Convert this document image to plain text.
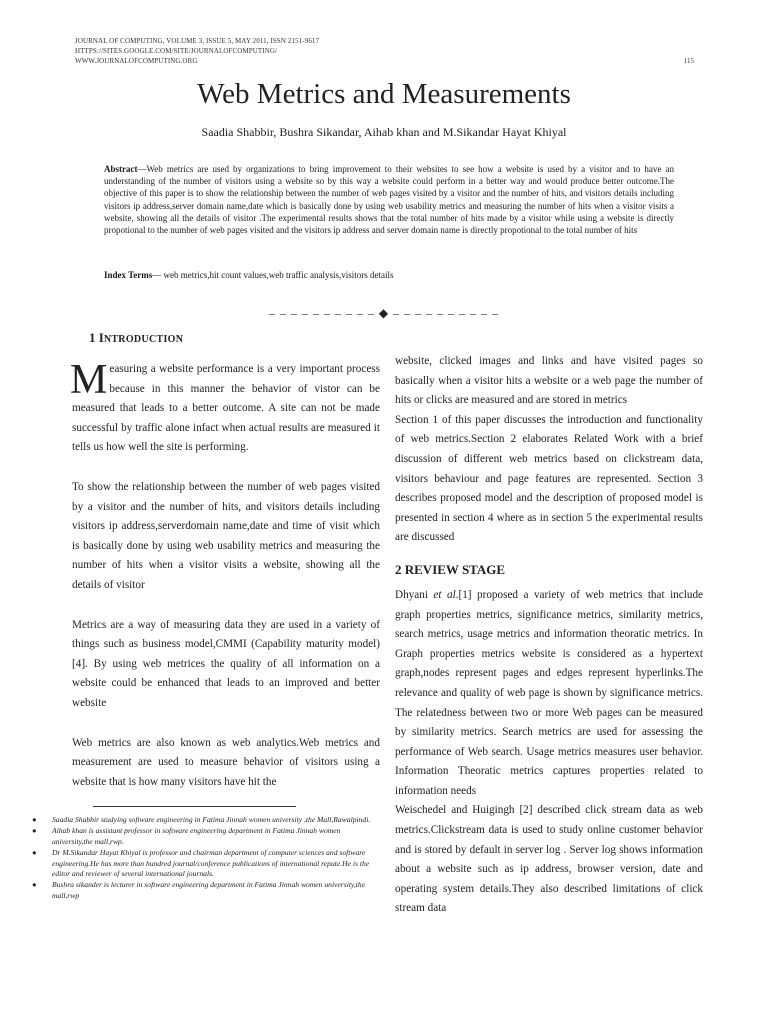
JOURNAL OF COMPUTING, VOLUME 3, ISSUE 5, MAY 2011, ISSN 2151-9617
HTTPS://SITES.GOOGLE.COM/SITE/JOURNALOFCOMPUTING/
WWW.JOURNALOFCOMPUTING.ORG	115
Web Metrics and Measurements
Saadia Shabbir, Bushra Sikandar, Aihab khan and M.Sikandar Hayat Khiyal
Abstract—Web metrics are used by organizations to bring improvement to their websites to see how a website is used by a visitor and to have an understanding of the number of visitors using a website so by this way a website could perform in a better way and would produce better outcome.The objective of this paper is to show the relationship between the number of web pages visited by a visitor and the number of hits, and visitors details including visitors ip address,server domain name,date which is basically done by using web usability metrics and measuring the number of hits when a visitor visits a website, showing all the details of visitor .The experimental results shows that the total number of hits made by a visitor while using a website is directly propotional to the number of web pages visited and the visitors ip address and server domain name is directly propotional to the total number of hits
Index Terms— web metrics,hit count values,web traffic analysis,visitors details
– – – – – – – – – – ◆ – – – – – – – – – –
1 INTRODUCTION

Measuring a website performance is a very important process because in this manner the behavior of vistor can be measured that leads to a better outcome. A site can not be made successful by traffic alone infact when actual results are measured it tells us how well the site is performing.

To show the relationship between the number of web pages visited by a visitor and the number of hits, and visitors details including visitors ip address,serverdomain name,date and time of visit which is basically done by using web usability metrics and measuring the number of hits when a visitor visits a website, showing all the details of visitor

Metrics are a way of measuring data they are used in a variety of things such as business model,CMMI (Capability maturity model)[4]. By using web metrices the quality of all information on a website could be enhanced that leads to an improved and better website

Web metrics are also known as web analytics.Web metrics and measurement are used to measure behavior of visitors using a website that is how many visitors have hit the

● Saadia Shabbir studying software engineering in Fatima Jinnah women university ,the Mall,Rawalpindi.
● Aihab khan is assistant professor in software engineering department in Fatima Jinnah women university,the mall,rwp.
● Dr M.Sikandar Hayat Khiyal is professor and chairman department of computer sciences and software engineering.He has more than hundred journal/conference publications of international repute.He is the editor and reviewer of several international journals.
● Bushra sikander is lecturer in software engineering department in Fatima Jinnah women university,the mall,rwp

website, clicked images and links and have visited pages so basically when a visitor hits a website or a web page the number of hits or clicks are measured and are stored in metrics

Section 1 of this paper discusses the introduction and functionality of web metrics.Section 2 elaborates Related Work with a brief discussion of different web metrics based on clickstream data, visitors behaviour and page features are represented. Section 3 describes proposed model and the description of proposed model is presented in section 4 where as in section 5 the experimental results are discussed

2 REVIEW STAGE

Dhyani et al.[1] proposed a variety of web metrics that include graph properties metrics, significance metrics, similarity metrics, search metrics, usage metrics and information theoratic metrics. In Graph properties metrics website is considered as a hypertext graph,nodes represent pages and edges represent hyperlinks.The relevance and quality of web page is shown by significance metrics. The relatedness between two or more Web pages can be measured by similarity metrics. Search metrics are used for assessing the performance of Web search. Usage metrics measures user behavior. Information Theoratic metrics captures properties related to information needs

Weischedel and Huigingh [2] described click stream data as web metrics.Clickstream data is used to study online customer behavior and is stored by default in server log . Server log shows information about a website such as ip address, browser version, date and operating system details.They also described limitations of click stream data
